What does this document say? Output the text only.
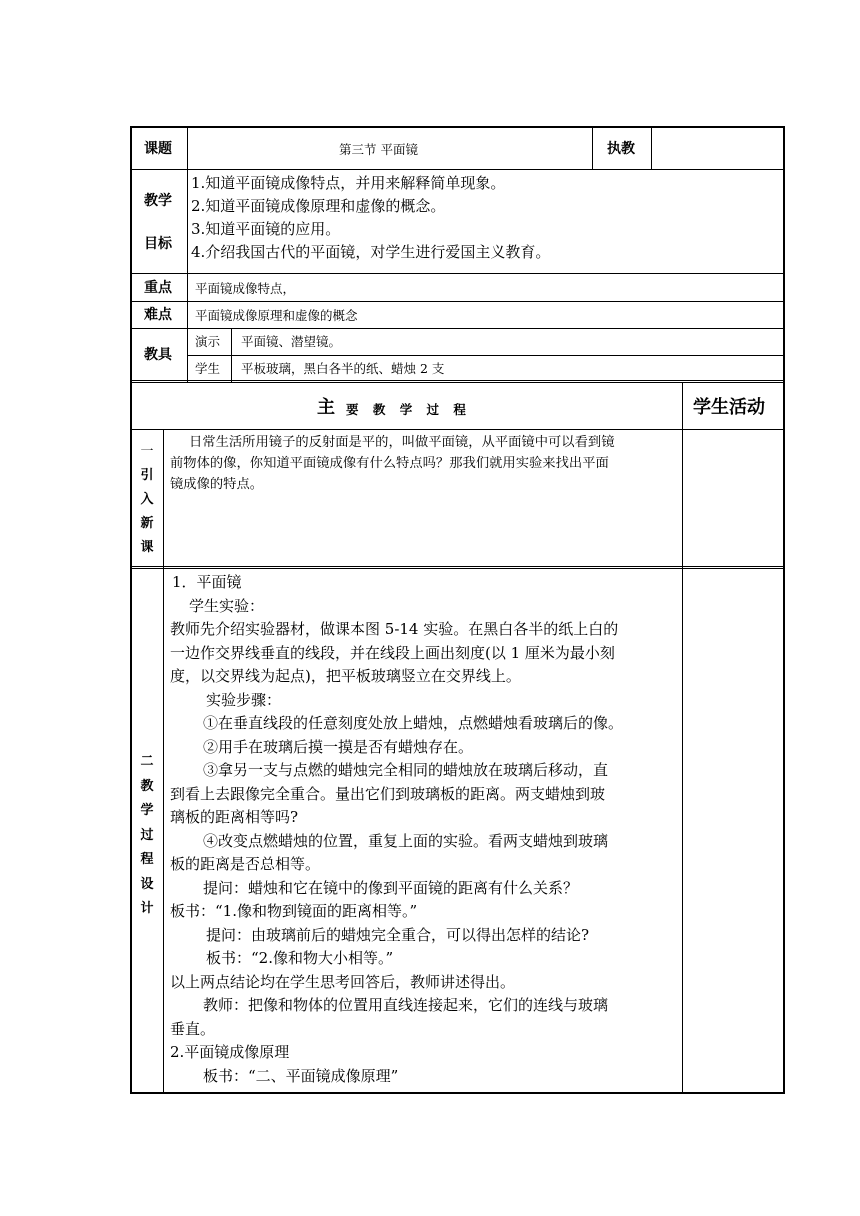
课题	第三节 平面镜	执教
教学
目标
1.知道平面镜成像特点，并用来解释简单现象。
2.知道平面镜成像原理和虚像的概念。
3.知道平面镜的应用。
4.介绍我国古代的平面镜，对学生进行爱国主义教育。
重点 平面镜成像特点，
难点 平面镜成像原理和虚像的概念
教具
演示 平面镜、潜望镜。
学生 平板玻璃，黑白各半的纸、蜡烛 2 支
主 要 教 学 过 程	学生活动
一
引
入
新
课
日常生活所用镜子的反射面是平的，叫做平面镜，从平面镜中可以看到镜
前物体的像，你知道平面镜成像有什么特点吗？那我们就用实验来找出平面
镜成像的特点。
二
教
学
过
程
设
计
1．平面镜
学生实验：
教师先介绍实验器材，做课本图 5-14 实验。在黑白各半的纸上白的
一边作交界线垂直的线段，并在线段上画出刻度(以 1 厘米为最小刻
度，以交界线为起点)，把平板玻璃竖立在交界线上。
实验步骤：
①在垂直线段的任意刻度处放上蜡烛，点燃蜡烛看玻璃后的像。
②用手在玻璃后摸一摸是否有蜡烛存在。
③拿另一支与点燃的蜡烛完全相同的蜡烛放在玻璃后移动，直
到看上去跟像完全重合。量出它们到玻璃板的距离。两支蜡烛到玻
璃板的距离相等吗?
④改变点燃蜡烛的位置，重复上面的实验。看两支蜡烛到玻璃
板的距离是否总相等。
提问：蜡烛和它在镜中的像到平面镜的距离有什么关系？
板书：“1.像和物到镜面的距离相等。”
提问：由玻璃前后的蜡烛完全重合，可以得出怎样的结论?
板书：“2.像和物大小相等。”
以上两点结论均在学生思考回答后，教师讲述得出。
教师：把像和物体的位置用直线连接起来，它们的连线与玻璃
垂直。
2.平面镜成像原理
板书：“二、平面镜成像原理”
